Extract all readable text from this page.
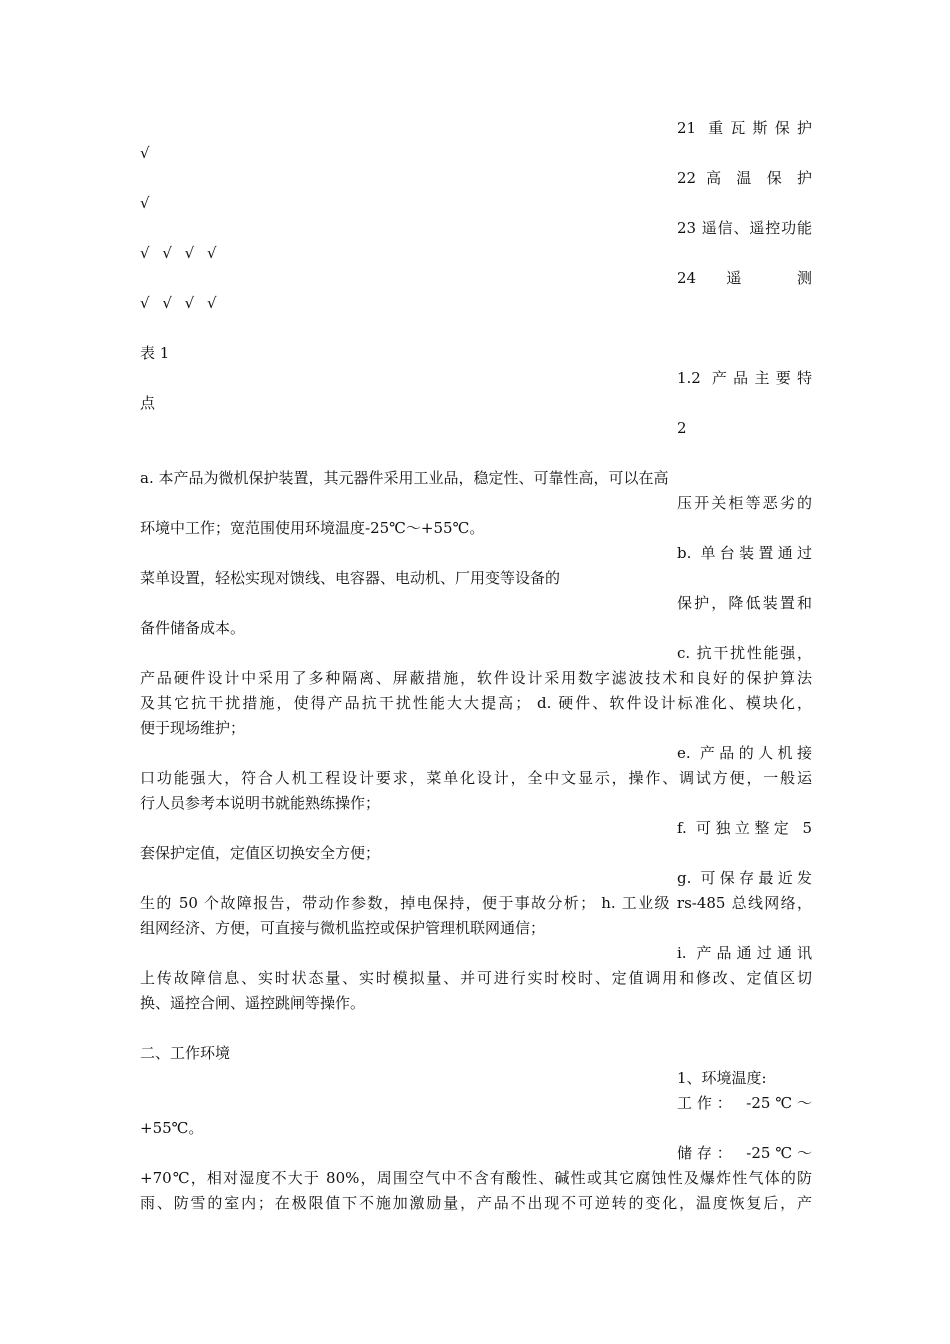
21 重瓦斯保护
√
22 高 温 保 护
√
23 遥信、遥控功能
√ √ √ √
24 遥 测
√ √ √ √
表 1
1.2 产品主要特
点
2
a. 本产品为微机保护装置，其元器件采用工业品，稳定性、可靠性高，可以在高
压开关柜等恶劣的
环境中工作；宽范围使用环境温度-25℃～+55℃。
b. 单台装置通过
菜单设置，轻松实现对馈线、电容器、电动机、厂用变等设备的
保护，降低装置和
备件储备成本。
c. 抗干扰性能强，
产品硬件设计中采用了多种隔离、屏蔽措施，软件设计采用数字滤波技术和良好的保护算法
及其它抗干扰措施，使得产品抗干扰性能大大提高； d. 硬件、软件设计标准化、模块化，
便于现场维护；
e. 产品的人机接
口功能强大，符合人机工程设计要求，菜单化设计，全中文显示，操作、调试方便，一般运
行人员参考本说明书就能熟练操作；
f. 可独立整定 5
套保护定值，定值区切换安全方便；
g. 可保存最近发
生的 50 个故障报告，带动作参数，掉电保持，便于事故分析； h. 工业级 rs-485 总线网络，
组网经济、方便，可直接与微机监控或保护管理机联网通信；
i. 产品通过通讯
上传故障信息、实时状态量、实时模拟量、并可进行实时校时、定值调用和修改、定值区切
换、遥控合闸、遥控跳闸等操作。
二、工作环境
1、环境温度:
工作： -25℃～
+55℃。
储存： -25℃～
+70℃，相对湿度不大于 80%，周围空气中不含有酸性、碱性或其它腐蚀性及爆炸性气体的防
雨、防雪的室内；在极限值下不施加激励量，产品不出现不可逆转的变化，温度恢复后，产
